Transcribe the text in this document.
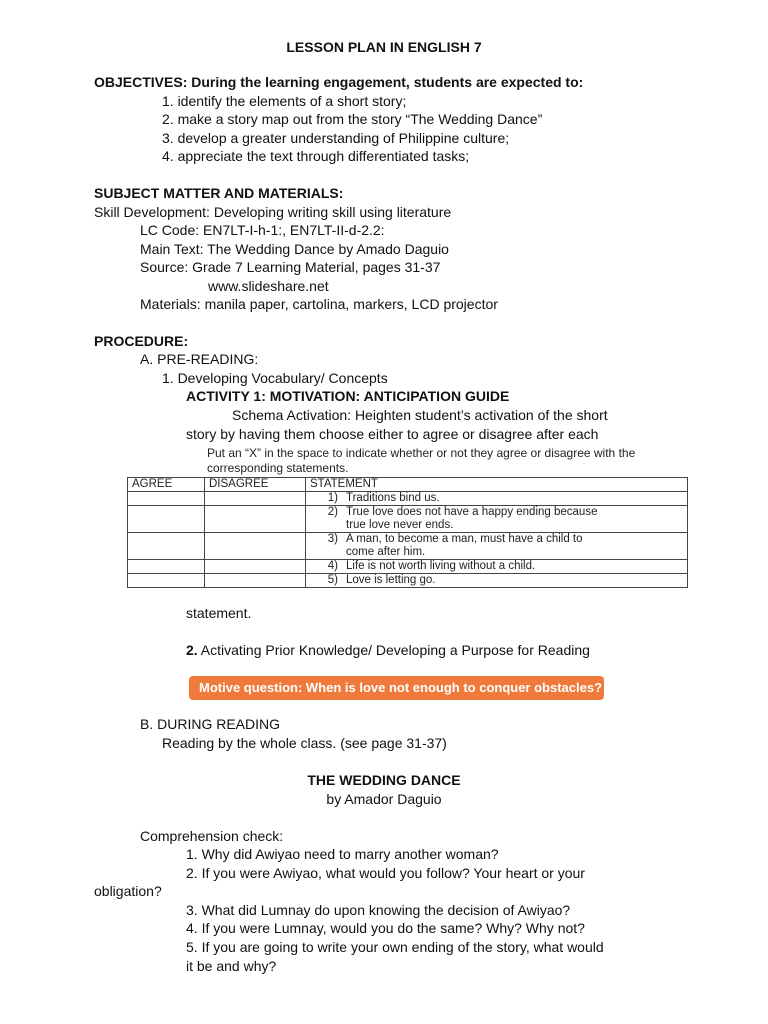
LESSON PLAN IN ENGLISH 7
OBJECTIVES: During the learning engagement, students are expected to:
1. identify the elements of a short story;
2. make a story map out from the story “The Wedding Dance”
3. develop a greater understanding of Philippine culture;
4. appreciate the text through differentiated tasks;
SUBJECT MATTER AND MATERIALS:
Skill Development: Developing writing skill using literature
LC Code: EN7LT-I-h-1:, EN7LT-II-d-2.2:
Main Text: The Wedding Dance by Amado Daguio
Source: Grade 7 Learning Material, pages 31-37
www.slideshare.net
Materials: manila paper, cartolina, markers, LCD projector
PROCEDURE:
A. PRE-READING:
1. Developing Vocabulary/ Concepts
ACTIVITY 1: MOTIVATION: ANTICIPATION GUIDE
Schema Activation: Heighten student’s activation of the short
story by having them choose either to agree or disagree after each
Put an “X” in the space to indicate whether or not they agree or disagree with the
corresponding statements.
AGREE	DISAGREE	STATEMENT
		1) Traditions bind us.
		2) True love does not have a happy ending because
true love never ends.
		3) A man, to become a man, must have a child to
come after him.
		4) Life is not worth living without a child.
		5) Love is letting go.
statement.
2. Activating Prior Knowledge/ Developing a Purpose for Reading
Motive question: When is love not enough to conquer obstacles?
B. DURING READING
Reading by the whole class. (see page 31-37)
THE WEDDING DANCE
by Amador Daguio
Comprehension check:
1. Why did Awiyao need to marry another woman?
2. If you were Awiyao, what would you follow? Your heart or your
obligation?
3. What did Lumnay do upon knowing the decision of Awiyao?
4. If you were Lumnay, would you do the same? Why? Why not?
5. If you are going to write your own ending of the story, what would
it be and why?
